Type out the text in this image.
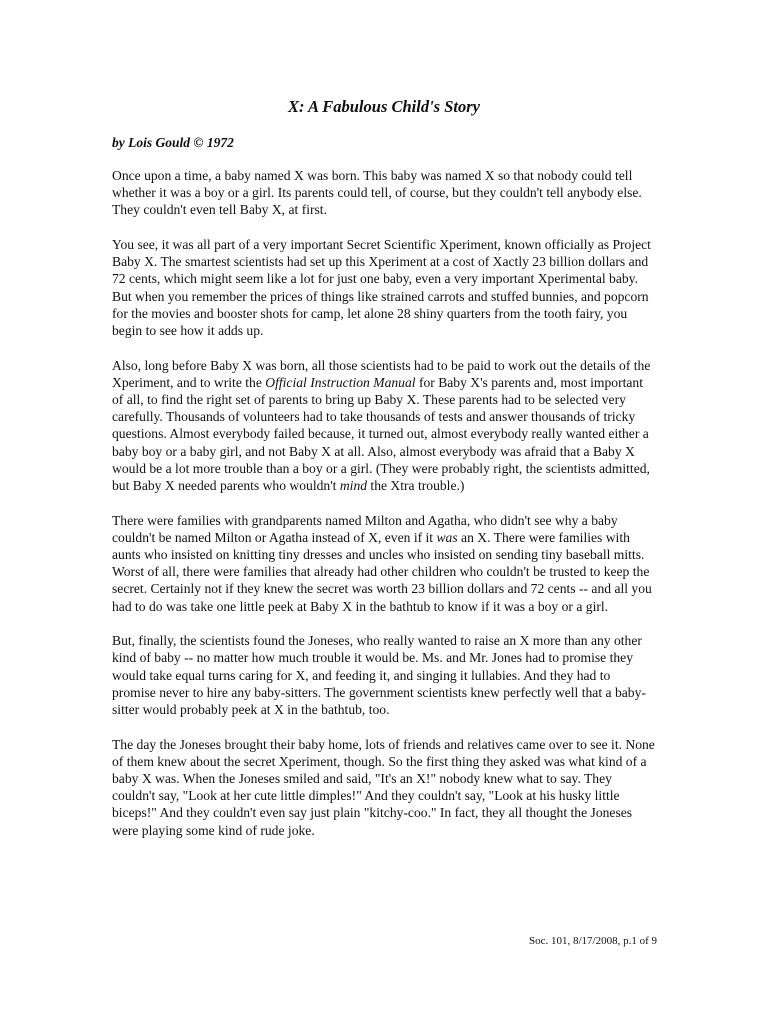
X: A Fabulous Child's Story

by Lois Gould © 1972

Once upon a time, a baby named X was born. This baby was named X so that nobody could tell whether it was a boy or a girl. Its parents could tell, of course, but they couldn't tell anybody else. They couldn't even tell Baby X, at first.

You see, it was all part of a very important Secret Scientific Xperiment, known officially as Project Baby X. The smartest scientists had set up this Xperiment at a cost of Xactly 23 billion dollars and 72 cents, which might seem like a lot for just one baby, even a very important Xperimental baby. But when you remember the prices of things like strained carrots and stuffed bunnies, and popcorn for the movies and booster shots for camp, let alone 28 shiny quarters from the tooth fairy, you begin to see how it adds up.

Also, long before Baby X was born, all those scientists had to be paid to work out the details of the Xperiment, and to write the Official Instruction Manual for Baby X's parents and, most important of all, to find the right set of parents to bring up Baby X. These parents had to be selected very carefully. Thousands of volunteers had to take thousands of tests and answer thousands of tricky questions. Almost everybody failed because, it turned out, almost everybody really wanted either a baby boy or a baby girl, and not Baby X at all. Also, almost everybody was afraid that a Baby X would be a lot more trouble than a boy or a girl. (They were probably right, the scientists admitted, but Baby X needed parents who wouldn't mind the Xtra trouble.)

There were families with grandparents named Milton and Agatha, who didn't see why a baby couldn't be named Milton or Agatha instead of X, even if it was an X. There were families with aunts who insisted on knitting tiny dresses and uncles who insisted on sending tiny baseball mitts. Worst of all, there were families that already had other children who couldn't be trusted to keep the secret. Certainly not if they knew the secret was worth 23 billion dollars and 72 cents -- and all you had to do was take one little peek at Baby X in the bathtub to know if it was a boy or a girl.

But, finally, the scientists found the Joneses, who really wanted to raise an X more than any other kind of baby -- no matter how much trouble it would be. Ms. and Mr. Jones had to promise they would take equal turns caring for X, and feeding it, and singing it lullabies. And they had to promise never to hire any baby-sitters. The government scientists knew perfectly well that a baby-sitter would probably peek at X in the bathtub, too.

The day the Joneses brought their baby home, lots of friends and relatives came over to see it. None of them knew about the secret Xperiment, though. So the first thing they asked was what kind of a baby X was. When the Joneses smiled and said, "It's an X!" nobody knew what to say. They couldn't say, "Look at her cute little dimples!" And they couldn't say, "Look at his husky little biceps!" And they couldn't even say just plain "kitchy-coo." In fact, they all thought the Joneses were playing some kind of rude joke.

Soc. 101, 8/17/2008, p.1 of 9
